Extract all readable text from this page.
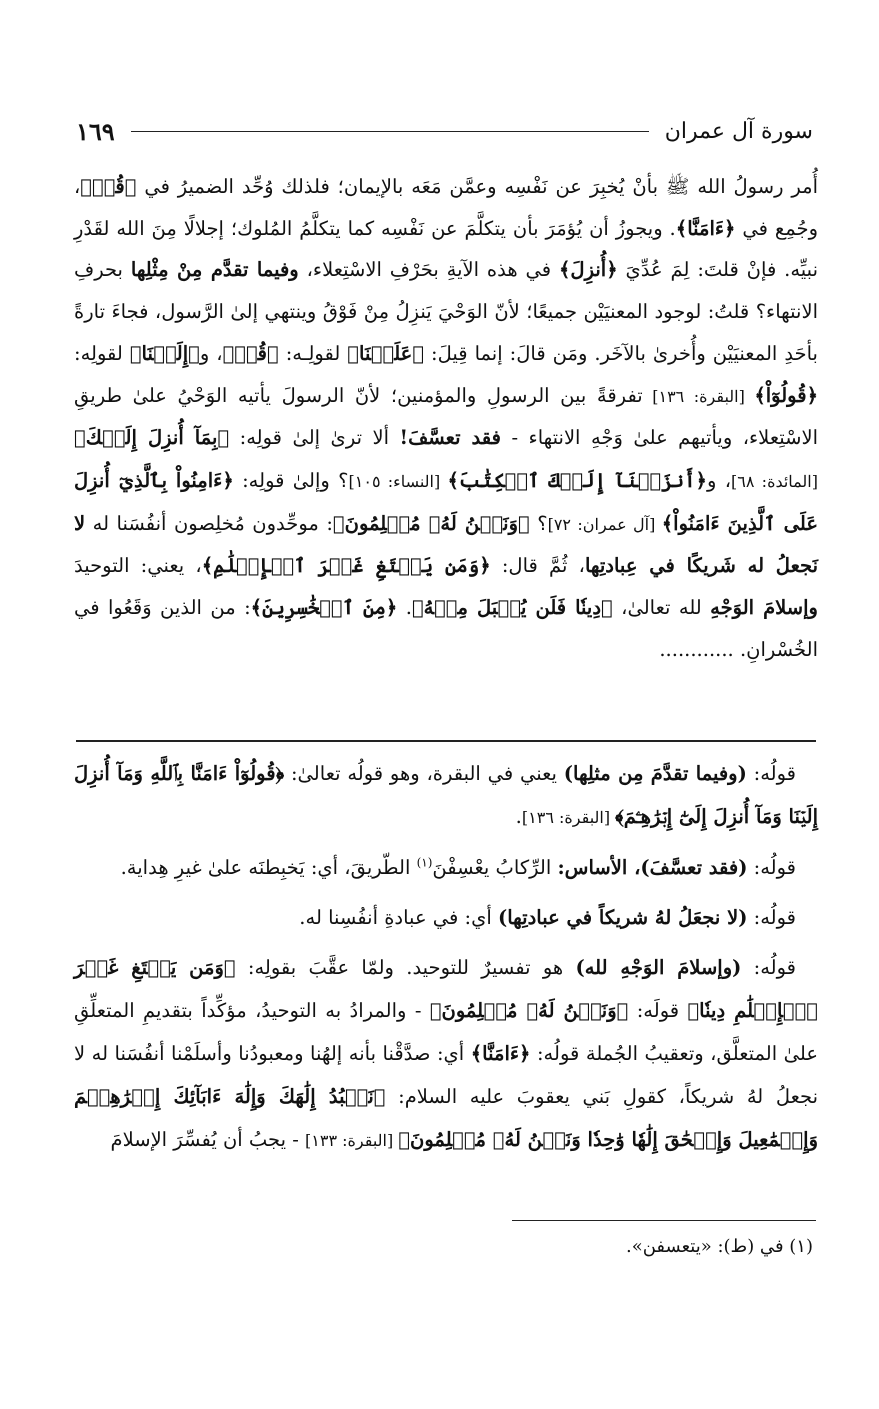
سورة آل عمران
١٦٩

أُمر رسولُ الله ﷺ بأنْ يُخبِرَ عن نَفْسِه وعمَّن مَعَه بالإيمان؛ فلذلك وُحِّد الضميرُ في ﴿قُلۡ﴾، وجُمِع في ﴿ءَامَنَّا﴾. ويجوزُ أن يُؤمَرَ بأن يتكلَّمَ عن نَفْسِه كما يتكلَّمُ المُلوك؛ إجلالًا مِنَ الله لقَدْرِ نبيِّه. فإنْ قلتَ: لِمَ عُدِّيَ ﴿أُنزِلَ﴾ في هذه الآيةِ بحَرْفِ الاسْتِعلاء، وفيما تقدَّم مِنْ مِثْلِها بحرفِ الانتهاء؟ قلتُ: لوجود المعنيَيْن جميعًا؛ لأنّ الوَحْيَ يَنزِلُ مِنْ فَوْقُ وينتهي إلىٰ الرَّسول، فجاءَ تارةً بأحَدِ المعنيَيْن وأُخرىٰ بالآخَر. ومَن قالَ: إنما قِيلَ: ﴿عَلَيۡنَا﴾ لقولِـه: ﴿قُلۡ﴾، و﴿إِلَيۡنَا﴾ لقولِه: ﴿قُولُوٓاْ﴾ [البقرة: ١٣٦] تفرقةً بين الرسولِ والمؤمنين؛ لأنّ الرسولَ يأتيه الوَحْيُ علىٰ طريقِ الاسْتِعلاء، ويأتيهم علىٰ وَجْهِ الانتهاء - فقد تعسَّفَ! ألا ترىٰ إلىٰ قولِه: ﴿بِمَآ أُنزِلَ إِلَيۡكَ﴾ [المائدة: ٦٨]، و﴿أَنزَلۡنَآ إِلَيۡكَ ٱلۡكِتَٰبَ﴾ [النساء: ١٠٥]؟ وإلىٰ قولِه: ﴿ءَامِنُواْ بِٱلَّذِيٓ أُنزِلَ عَلَى ٱلَّذِينَ ءَامَنُواْ﴾ [آل عمران: ٧٢]؟ ﴿وَنَحۡنُ لَهُۥ مُسۡلِمُونَ﴾: موحِّدون مُخلِصون أنفُسَنا له لا نَجعلُ له شَريكًا في عِبادتِها، ثُمَّ قال: ﴿وَمَن يَبۡتَغِ غَيۡرَ ٱلۡإِسۡلَٰمِ﴾، يعني: التوحيدَ وإسلامَ الوَجْهِ لله تعالىٰ، ﴿دِينٗا فَلَن يُقۡبَلَ مِنۡهُ﴾. ﴿مِنَ ٱلۡخَٰسِرِينَ﴾: من الذين وَقَعُوا في الخُسْرانِ. ............

قولُه: (وفيما تقدَّمَ مِن مثلِها) يعني في البقرة، وهو قولُه تعالىٰ: ﴿قُولُوٓاْ ءَامَنَّا بِٱللَّهِ وَمَآ أُنزِلَ إِلَيۡنَا وَمَآ أُنزِلَ إِلَىٰٓ إِبۡرَٰهِـۧمَ﴾ [البقرة: ١٣٦].

قولُه: (فقد تعسَّفَ)، الأساس: الرِّكابُ يعْسِفْنَ$^{(١)}$ الطّريقَ، أي: يَخبِطنَه علىٰ غيرِ هِداية.

قولُه: (لا نجعَلُ لهُ شريكاً في عبادتِها) أي: في عبادةِ أنفُسِنا له.

قولُه: (وإسلامَ الوَجْهِ لله) هو تفسيرٌ للتوحيد. ولمّا عقَّبَ بقولِه: ﴿وَمَن يَبۡتَغِ غَيۡرَ ٱلۡإِسۡلَٰمِ دِينٗا﴾ قولَه: ﴿وَنَحۡنُ لَهُۥ مُسۡلِمُونَ﴾ - والمرادُ به التوحيدُ، مؤكِّداً بتقديمِ المتعلِّقِ علىٰ المتعلَّق، وتعقيبُ الجُملة قولُه: ﴿ءَامَنَّا﴾ أي: صدَّقْنا بأنه إلهُنا ومعبودُنا وأسلَمْنا أنفُسَنا له لا نجعلُ لهُ شريكاً، كقولِ بَني يعقوبَ عليه السلام: ﴿نَعۡبُدُ إِلَٰهَكَ وَإِلَٰهَ ءَابَآئِكَ إِبۡرَٰهِـۧمَ وَإِسۡمَٰعِيلَ وَإِسۡحَٰقَ إِلَٰهٗا وَٰحِدٗا وَنَحۡنُ لَهُۥ مُسۡلِمُونَ﴾ [البقرة: ١٣٣] - يجبُ أن يُفسِّرَ الإسلامَ

(١) في (ط): «يتعسفن».
